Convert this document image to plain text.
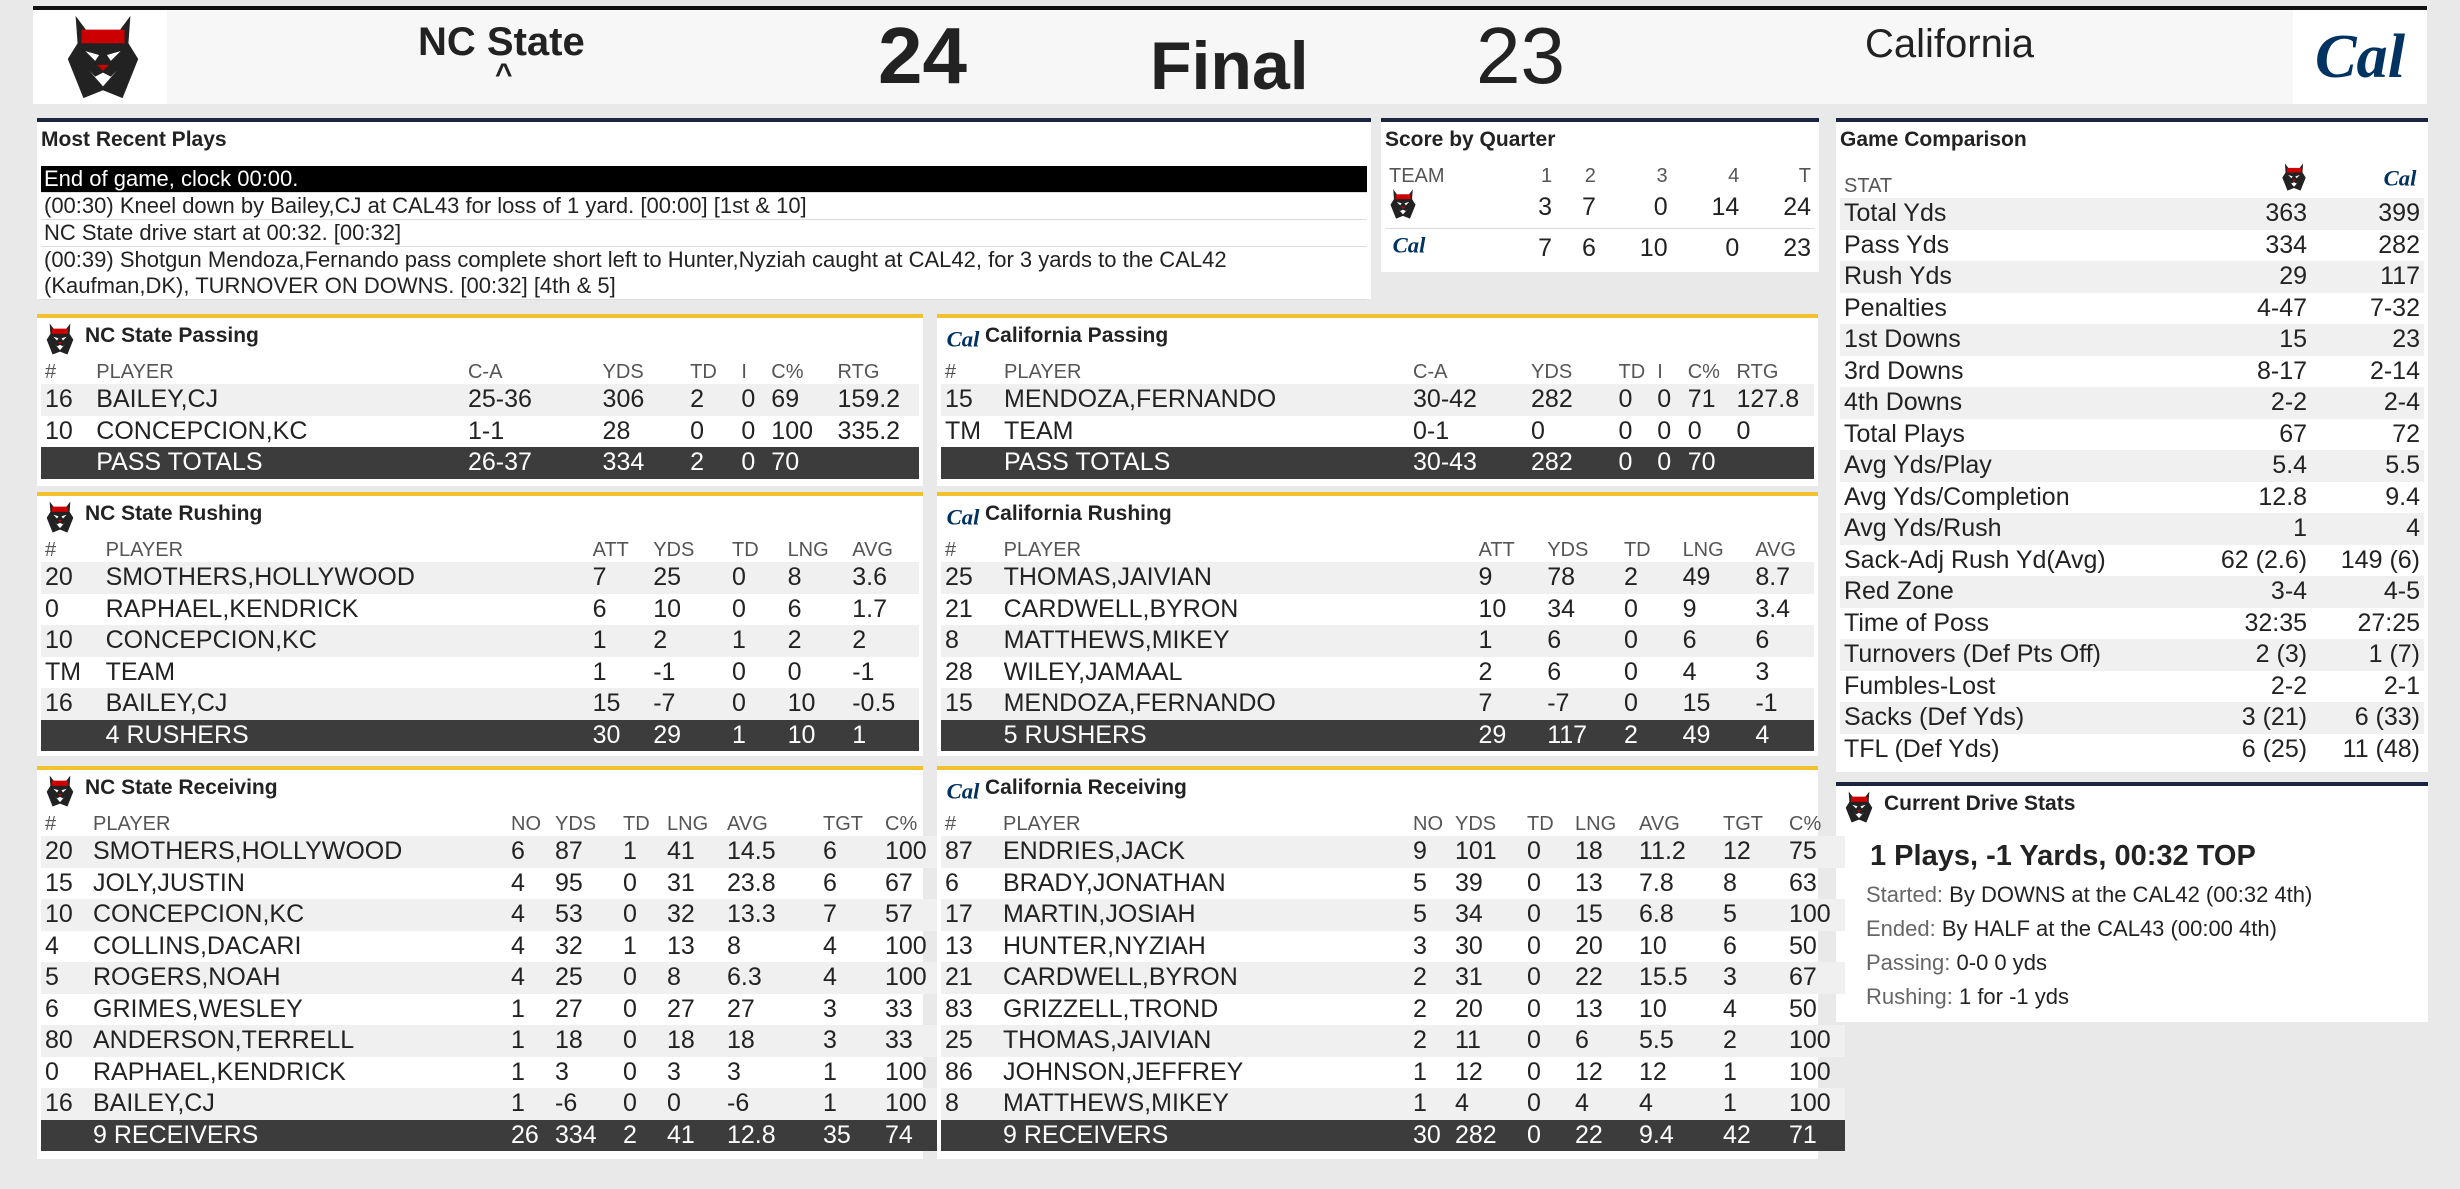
NC State
^	24	Final 23	California
Most Recent Plays
End of game, clock 00:00.
(00:30) Kneel down by Bailey,CJ at CAL43 for loss of 1 yard. [00:00] [1st & 10]
NC State drive start at 00:32. [00:32]
(00:39) Shotgun Mendoza,Fernando pass complete short left to Hunter,Nyziah caught at CAL42, for 3 yards to the CAL42 (Kaufman,DK), TURNOVER ON DOWNS. [00:32] [4th & 5]
Score by Quarter
TEAM	1	2	3	4	T
	3	7	0	14	24
	7	6	10	0	23
Game Comparison
STAT		
Total Yds	363	399
Pass Yds	334	282
Rush Yds	29	117
Penalties	4-47	7-32
1st Downs	15	23
3rd Downs	8-17	2-14
4th Downs	2-2	2-4
Total Plays	67	72
Avg Yds/Play	5.4	5.5
Avg Yds/Completion	12.8	9.4
Avg Yds/Rush	1	4
Sack-Adj Rush Yd(Avg)	62 (2.6)	149 (6)
Red Zone	3-4	4-5
Time of Poss	32:35	27:25
Turnovers (Def Pts Off)	2 (3)	1 (7)
Fumbles-Lost	2-2	2-1
Sacks (Def Yds)	3 (21)	6 (33)
TFL (Def Yds)	6 (25)	11 (48)
Current Drive Stats
1 Plays, -1 Yards, 00:32 TOP
Started: By DOWNS at the CAL42 (00:32 4th)
Ended: By HALF at the CAL43 (00:00 4th)
Passing: 0-0 0 yds
Rushing: 1 for -1 yds
NC State Passing
#	PLAYER	C-A	YDS	TD	I	C%	RTG
16	BAILEY,CJ	25-36	306	2	0	69	159.2
10	CONCEPCION,KC	1-1	28	0	0	100	335.2
	PASS TOTALS	26-37	334	2	0	70	
California Passing
#	PLAYER	C-A	YDS	TD	I	C%	RTG
15	MENDOZA,FERNANDO	30-42	282	0	0	71	127.8
TM	TEAM	0-1	0	0	0	0	0
	PASS TOTALS	30-43	282	0	0	70	
NC State Rushing
#	PLAYER	ATT	YDS	TD	LNG	AVG
20	SMOTHERS,HOLLYWOOD	7	25	0	8	3.6
0	RAPHAEL,KENDRICK	6	10	0	6	1.7
10	CONCEPCION,KC	1	2	1	2	2
TM	TEAM	1	-1	0	0	-1
16	BAILEY,CJ	15	-7	0	10	-0.5
	4 RUSHERS	30	29	1	10	1
California Rushing
#	PLAYER	ATT	YDS	TD	LNG	AVG
25	THOMAS,JAIVIAN	9	78	2	49	8.7
21	CARDWELL,BYRON	10	34	0	9	3.4
8	MATTHEWS,MIKEY	1	6	0	6	6
28	WILEY,JAMAAL	2	6	0	4	3
15	MENDOZA,FERNANDO	7	-7	0	15	-1
	5 RUSHERS	29	117	2	49	4
NC State Receiving
#	PLAYER	NO	YDS	TD	LNG	AVG	TGT	C%
20	SMOTHERS,HOLLYWOOD	6	87	1	41	14.5	6	100
15	JOLY,JUSTIN	4	95	0	31	23.8	6	67
10	CONCEPCION,KC	4	53	0	32	13.3	7	57
4	COLLINS,DACARI	4	32	1	13	8	4	100
5	ROGERS,NOAH	4	25	0	8	6.3	4	100
6	GRIMES,WESLEY	1	27	0	27	27	3	33
80	ANDERSON,TERRELL	1	18	0	18	18	3	33
0	RAPHAEL,KENDRICK	1	3	0	3	3	1	100
16	BAILEY,CJ	1	-6	0	0	-6	1	100
	9 RECEIVERS	26	334	2	41	12.8	35	74
California Receiving
#	PLAYER	NO	YDS	TD	LNG	AVG	TGT	C%
87	ENDRIES,JACK	9	101	0	18	11.2	12	75
6	BRADY,JONATHAN	5	39	0	13	7.8	8	63
17	MARTIN,JOSIAH	5	34	0	15	6.8	5	100
13	HUNTER,NYZIAH	3	30	0	20	10	6	50
21	CARDWELL,BYRON	2	31	0	22	15.5	3	67
83	GRIZZELL,TROND	2	20	0	13	10	4	50
25	THOMAS,JAIVIAN	2	11	0	6	5.5	2	100
86	JOHNSON,JEFFREY	1	12	0	12	12	1	100
8	MATTHEWS,MIKEY	1	4	0	4	4	1	100
	9 RECEIVERS	30	282	0	22	9.4	42	71
